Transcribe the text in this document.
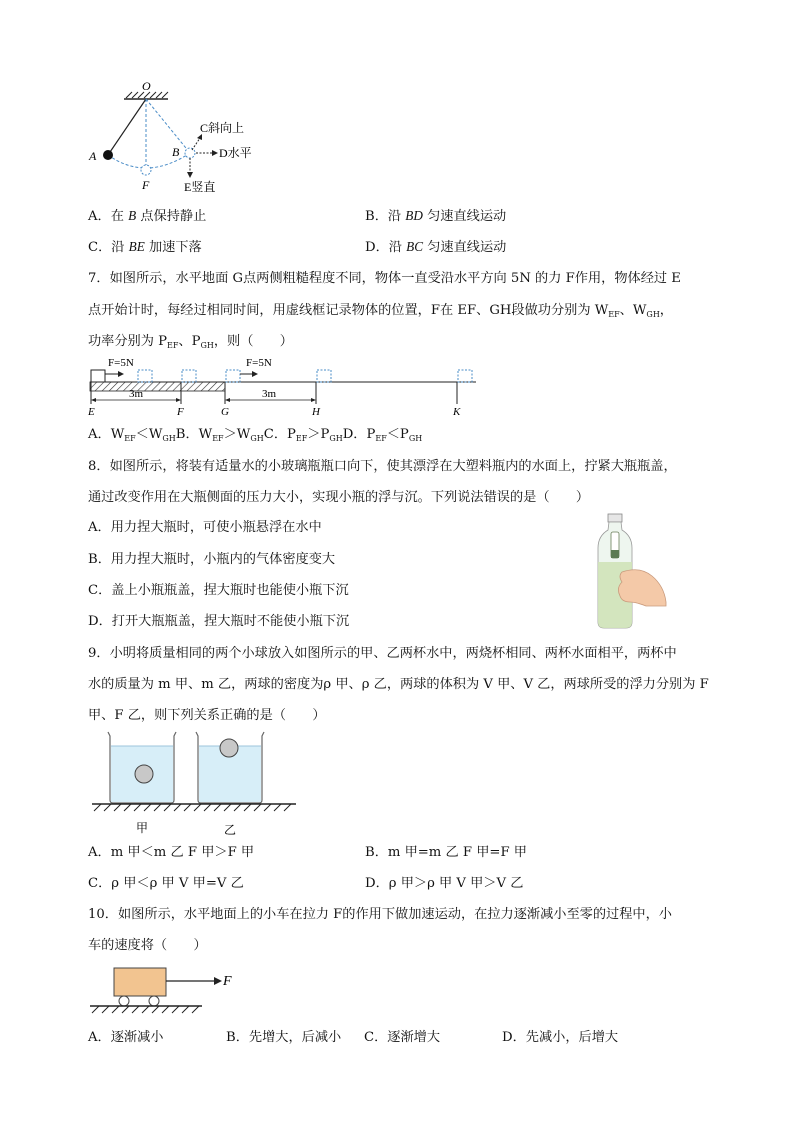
O
A	B
F
C斜向上
D水平
E竖直
A．在 B 点保持静止	B．沿 BD 匀速直线运动
C．沿 BE 加速下落	D．沿 BC 匀速直线运动
7．如图所示，水平地面 G点两侧粗糙程度不同，物体一直受沿水平方向 5N 的力 F作用，物体经过 E
点开始计时，每经过相同时间，用虚线框记录物体的位置，F在 EF、GH段做功分别为 $W_{EF}$、$W_{GH}$，
功率分别为 $P_{EF}$、$P_{GH}$，则（　　）
F=5N	F=5N
3m	3m
E	F	G	H	K
A．$W_{EF}<W_{GH}B$．$W_{EF}>W_{GH}C$．$P_{EF}>P_{GH}D$．$P_{EF}<P_{GH}$
8．如图所示，将装有适量水的小玻璃瓶瓶口向下，使其漂浮在大塑料瓶内的水面上，拧紧大瓶瓶盖，
通过改变作用在大瓶侧面的压力大小，实现小瓶的浮与沉。下列说法错误的是（　　）
A．用力捏大瓶时，可使小瓶悬浮在水中
B．用力捏大瓶时，小瓶内的气体密度变大
C．盖上小瓶瓶盖，捏大瓶时也能使小瓶下沉
D．打开大瓶瓶盖，捏大瓶时不能使小瓶下沉
9．小明将质量相同的两个小球放入如图所示的甲、乙两杯水中，两烧杯相同、两杯水面相平，两杯中
水的质量为 m 甲、m 乙，两球的密度为ρ 甲、ρ 乙，两球的体积为 V 甲、V 乙，两球所受的浮力分别为 F
甲、F 乙，则下列关系正确的是（　　）
甲	乙
A．m 甲＜m 乙 F 甲＞F 甲	B．m 甲=m 乙 F 甲=F 甲
C．ρ 甲＜ρ 甲 V 甲=V 乙	D．ρ 甲＞ρ 甲 V 甲＞V 乙
10．如图所示，水平地面上的小车在拉力 F的作用下做加速运动，在拉力逐渐减小至零的过程中，小
车的速度将（　　）
F
A．逐渐减小	B．先增大，后减小 C．逐渐增大	D．先减小，后增大
